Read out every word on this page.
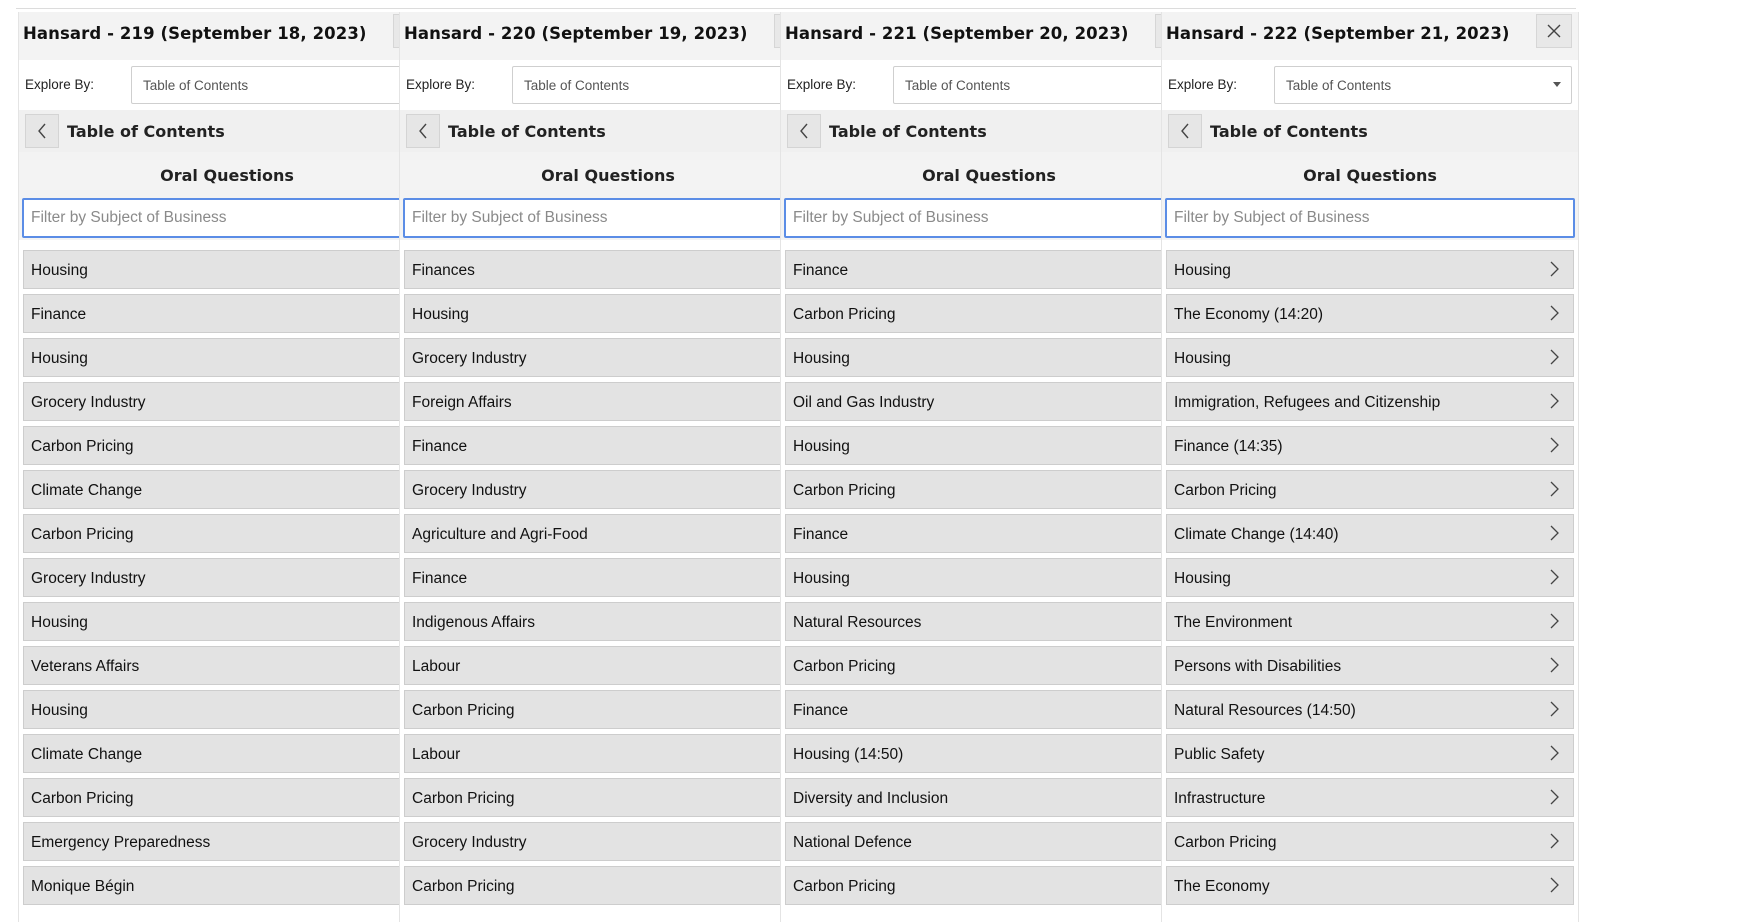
Hansard - 219 (September 18, 2023)
Explore By:	Table of Contents
Table of Contents
Oral Questions
Filter by Subject of Business
Housing
Finance
Housing
Grocery Industry
Carbon Pricing
Climate Change
Carbon Pricing
Grocery Industry
Housing
Veterans Affairs
Housing
Climate Change
Carbon Pricing
Emergency Preparedness
Monique Bégin
Hansard - 220 (September 19, 2023)
Explore By:	Table of Contents
Table of Contents
Oral Questions
Filter by Subject of Business
Finances
Housing
Grocery Industry
Foreign Affairs
Finance
Grocery Industry
Agriculture and Agri-Food
Finance
Indigenous Affairs
Labour
Carbon Pricing
Labour
Carbon Pricing
Grocery Industry
Carbon Pricing
Hansard - 221 (September 20, 2023)
Explore By:	Table of Contents
Table of Contents
Oral Questions
Filter by Subject of Business
Finance
Carbon Pricing
Housing
Oil and Gas Industry
Housing
Carbon Pricing
Finance
Housing
Natural Resources
Carbon Pricing
Finance
Housing (14:50)
Diversity and Inclusion
National Defence
Carbon Pricing
Hansard - 222 (September 21, 2023)
Explore By:	Table of Contents
Table of Contents
Oral Questions
Filter by Subject of Business
Housing
The Economy (14:20)
Housing
Immigration, Refugees and Citizenship
Finance (14:35)
Carbon Pricing
Climate Change (14:40)
Housing
The Environment
Persons with Disabilities
Natural Resources (14:50)
Public Safety
Infrastructure
Carbon Pricing
The Economy
